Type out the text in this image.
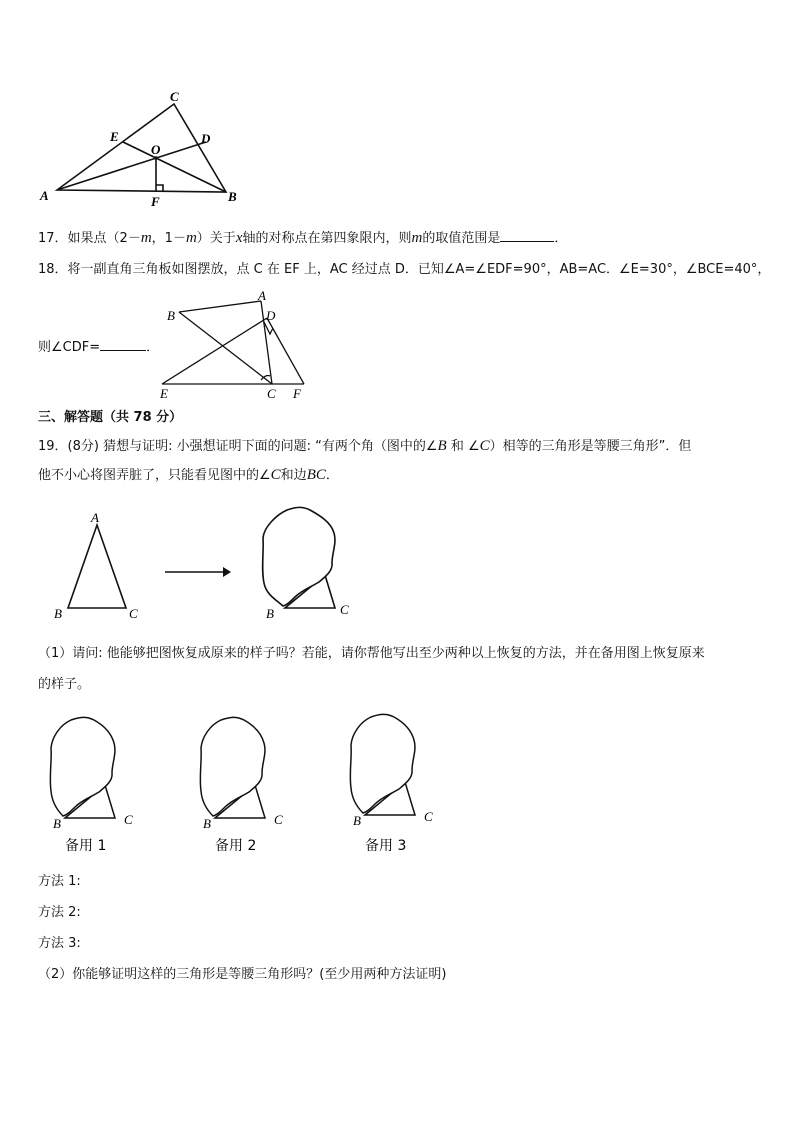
C
E	D
O
A	B
F
17．如果点（2－m，1－m）关于x轴的对称点在第四象限内，则m的取值范围是	．
18．将一副直角三角板如图摆放，点 C 在 EF 上，AC 经过点 D．已知∠A=∠EDF=90°，AB=AC．∠E=30°，∠BCE=40°，
则∠CDF=	．
A
B	D
E	C F
三、解答题（共 78 分）
19．(8分) 猜想与证明: 小强想证明下面的问题: “有两个角（图中的∠B 和 ∠C）相等的三角形是等腰三角形”．但
他不小心将图弄脏了，只能看见图中的∠C和边BC．
A
B	C	B	C
（1）请问: 他能够把图恢复成原来的样子吗？若能，请你帮他写出至少两种以上恢复的方法，并在备用图上恢复原来
的样子。
B	C
备用 1
B	C
备用 2
B	C
备用 3
方法 1:
方法 2:
方法 3:
（2）你能够证明这样的三角形是等腰三角形吗？(至少用两种方法证明)
